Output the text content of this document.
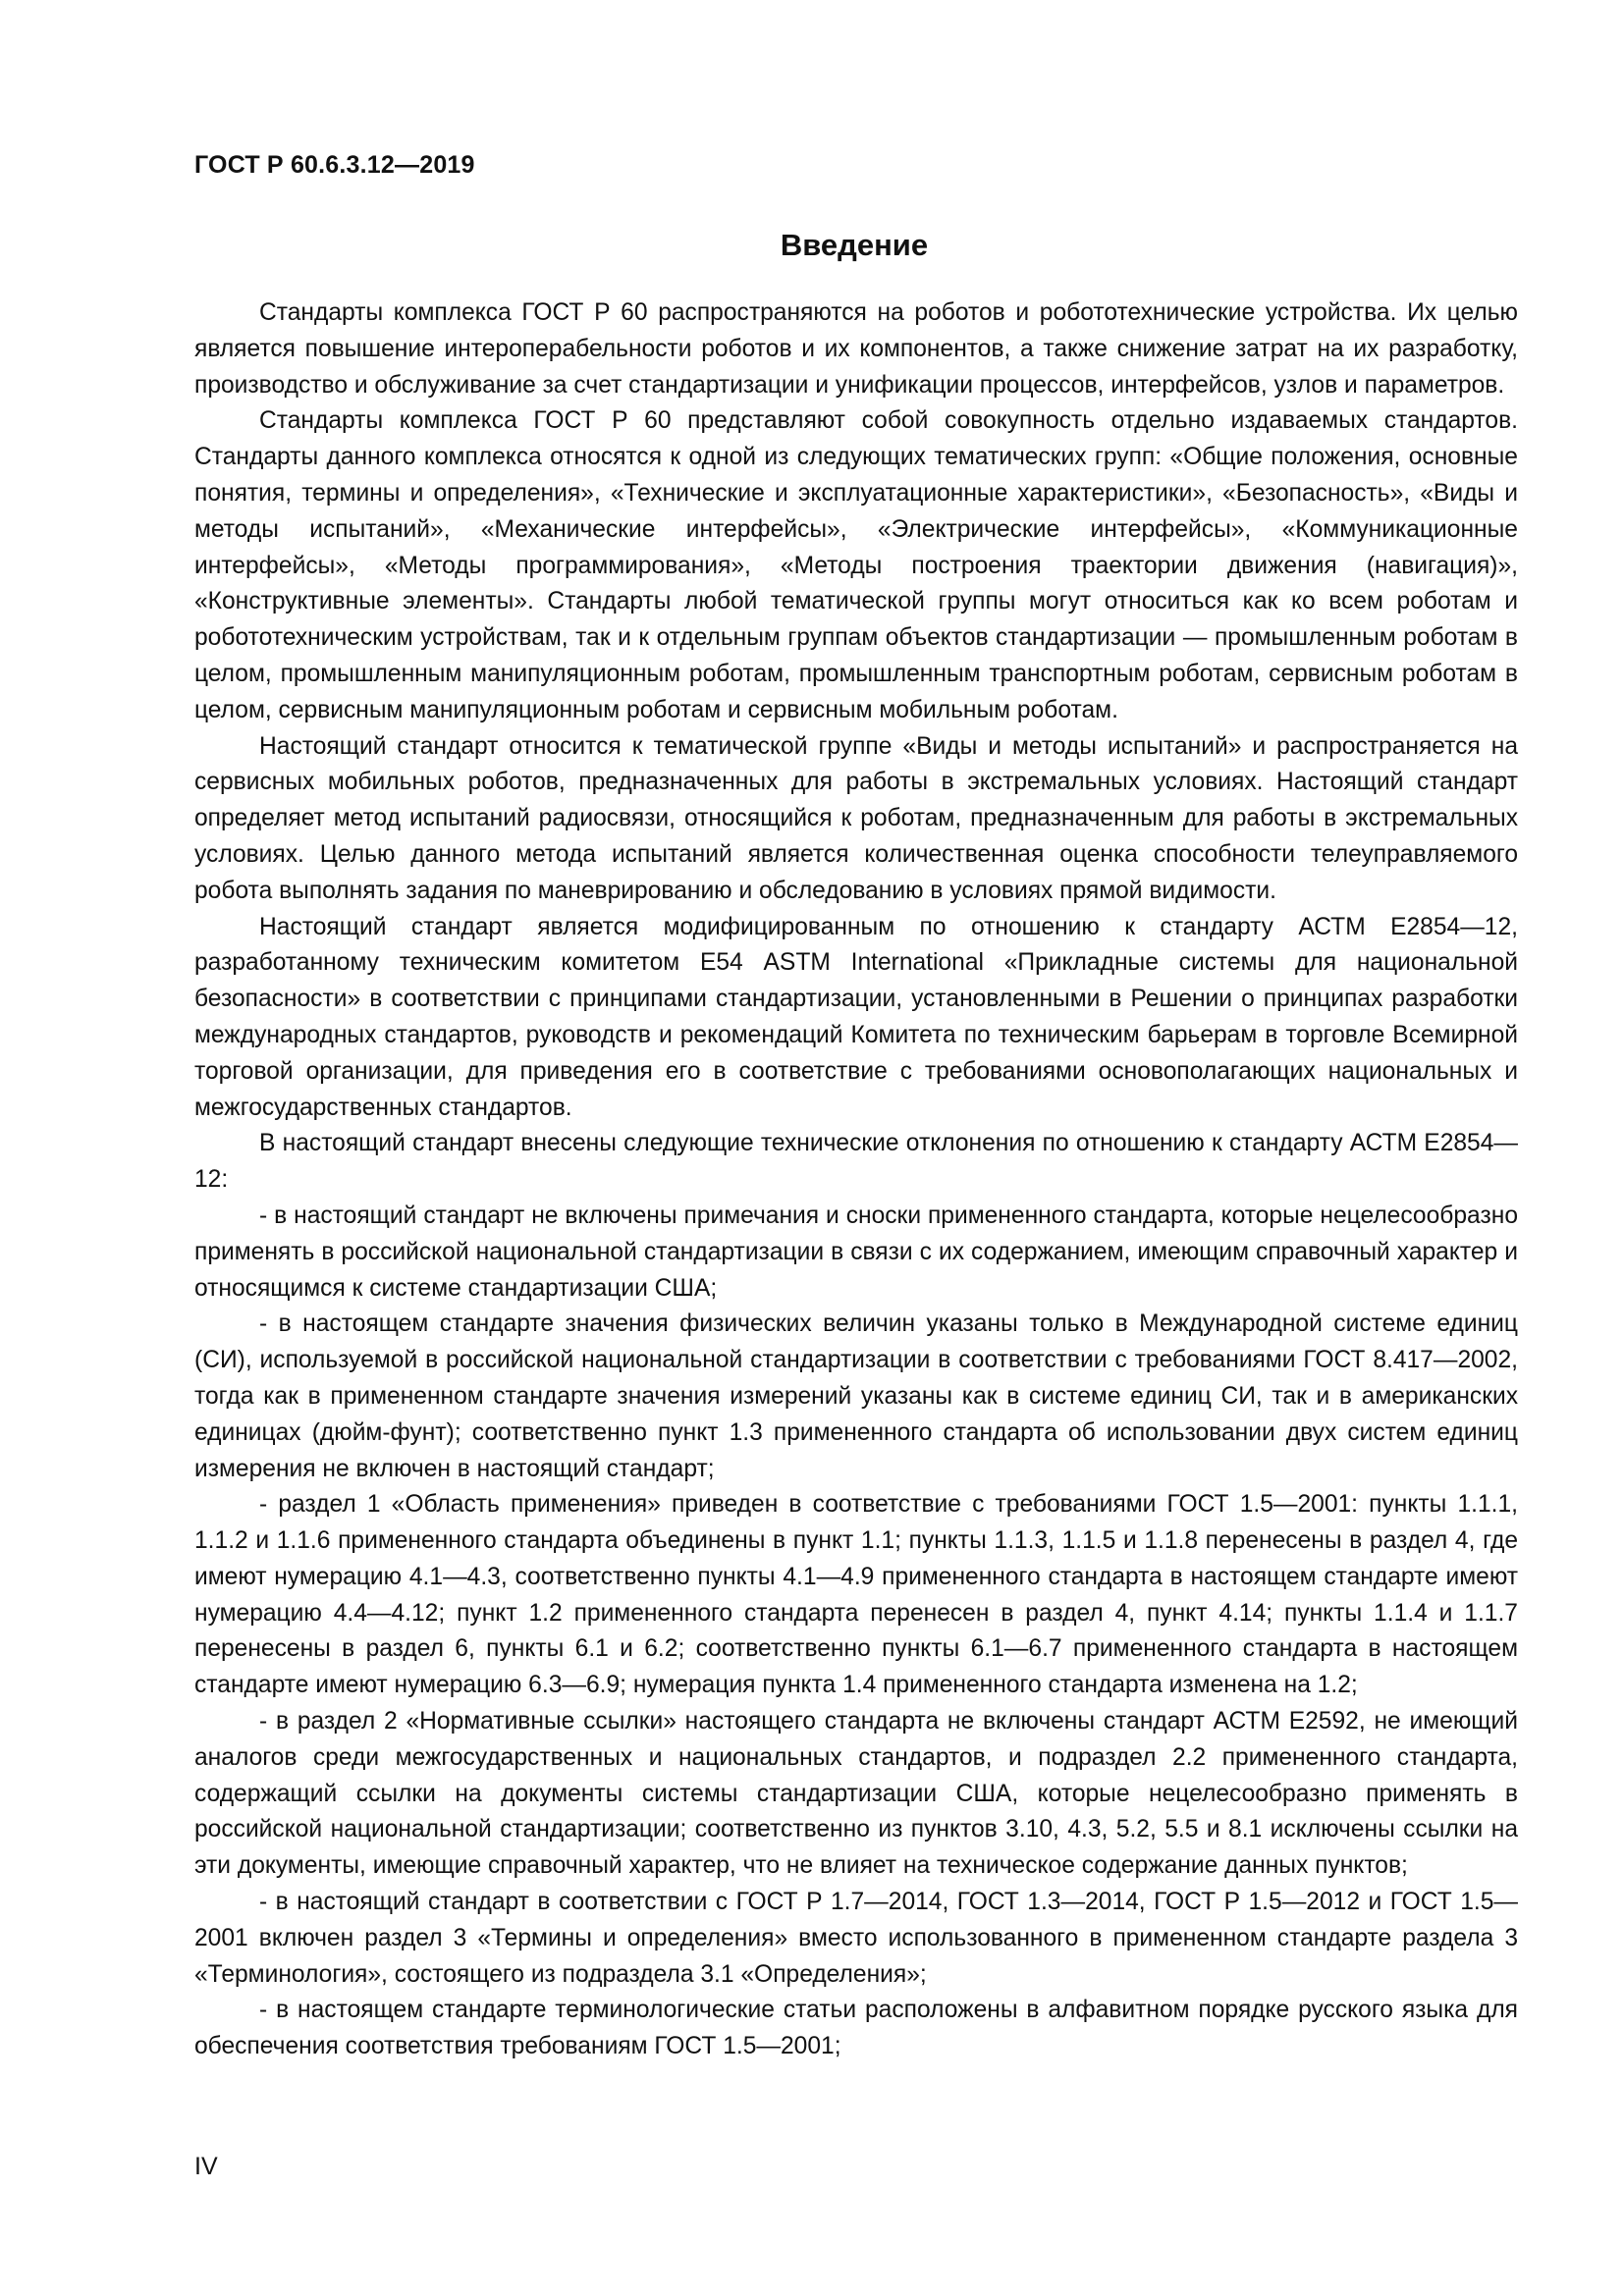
ГОСТ Р 60.6.3.12—2019
Введение

Стандарты комплекса ГОСТ Р 60 распространяются на роботов и робототехнические устройства. Их целью является повышение интероперабельности роботов и их компонентов, а также снижение затрат на их разработку, производство и обслуживание за счет стандартизации и унификации процессов, интерфейсов, узлов и параметров.

Стандарты комплекса ГОСТ Р 60 представляют собой совокупность отдельно издаваемых стандартов. Стандарты данного комплекса относятся к одной из следующих тематических групп: «Общие положения, основные понятия, термины и определения», «Технические и эксплуатационные характеристики», «Безопасность», «Виды и методы испытаний», «Механические интерфейсы», «Электрические интерфейсы», «Коммуникационные интерфейсы», «Методы программирования», «Методы построения траектории движения (навигация)», «Конструктивные элементы». Стандарты любой тематической группы могут относиться как ко всем роботам и робототехническим устройствам, так и к отдельным группам объектов стандартизации — промышленным роботам в целом, промышленным манипуляционным роботам, промышленным транспортным роботам, сервисным роботам в целом, сервисным манипуляционным роботам и сервисным мобильным роботам.

Настоящий стандарт относится к тематической группе «Виды и методы испытаний» и распространяется на сервисных мобильных роботов, предназначенных для работы в экстремальных условиях. Настоящий стандарт определяет метод испытаний радиосвязи, относящийся к роботам, предназначенным для работы в экстремальных условиях. Целью данного метода испытаний является количественная оценка способности телеуправляемого робота выполнять задания по маневрированию и обследованию в условиях прямой видимости.

Настоящий стандарт является модифицированным по отношению к стандарту АСТМ Е2854—12, разработанному техническим комитетом Е54 ASTM International «Прикладные системы для национальной безопасности» в соответствии с принципами стандартизации, установленными в Решении о принципах разработки международных стандартов, руководств и рекомендаций Комитета по техническим барьерам в торговле Всемирной торговой организации, для приведения его в соответствие с требованиями основополагающих национальных и межгосударственных стандартов.

В настоящий стандарт внесены следующие технические отклонения по отношению к стандарту АСТМ Е2854—12:

- в настоящий стандарт не включены примечания и сноски примененного стандарта, которые нецелесообразно применять в российской национальной стандартизации в связи с их содержанием, имеющим справочный характер и относящимся к системе стандартизации США;

- в настоящем стандарте значения физических величин указаны только в Международной системе единиц (СИ), используемой в российской национальной стандартизации в соответствии с требованиями ГОСТ 8.417—2002, тогда как в примененном стандарте значения измерений указаны как в системе единиц СИ, так и в американских единицах (дюйм-фунт); соответственно пункт 1.3 примененного стандарта об использовании двух систем единиц измерения не включен в настоящий стандарт;

- раздел 1 «Область применения» приведен в соответствие с требованиями ГОСТ 1.5—2001: пункты 1.1.1, 1.1.2 и 1.1.6 примененного стандарта объединены в пункт 1.1; пункты 1.1.3, 1.1.5 и 1.1.8 перенесены в раздел 4, где имеют нумерацию 4.1—4.3, соответственно пункты 4.1—4.9 примененного стандарта в настоящем стандарте имеют нумерацию 4.4—4.12; пункт 1.2 примененного стандарта перенесен в раздел 4, пункт 4.14; пункты 1.1.4 и 1.1.7 перенесены в раздел 6, пункты 6.1 и 6.2; соответственно пункты 6.1—6.7 примененного стандарта в настоящем стандарте имеют нумерацию 6.3—6.9; нумерация пункта 1.4 примененного стандарта изменена на 1.2;

- в раздел 2 «Нормативные ссылки» настоящего стандарта не включены стандарт АСТМ Е2592, не имеющий аналогов среди межгосударственных и национальных стандартов, и подраздел 2.2 примененного стандарта, содержащий ссылки на документы системы стандартизации США, которые нецелесообразно применять в российской национальной стандартизации; соответственно из пунктов 3.10, 4.3, 5.2, 5.5 и 8.1 исключены ссылки на эти документы, имеющие справочный характер, что не влияет на техническое содержание данных пунктов;

- в настоящий стандарт в соответствии с ГОСТ Р 1.7—2014, ГОСТ 1.3—2014, ГОСТ Р 1.5—2012 и ГОСТ 1.5—2001 включен раздел 3 «Термины и определения» вместо использованного в примененном стандарте раздела 3 «Терминология», состоящего из подраздела 3.1 «Определения»;

- в настоящем стандарте терминологические статьи расположены в алфавитном порядке русского языка для обеспечения соответствия требованиям ГОСТ 1.5—2001;

IV
